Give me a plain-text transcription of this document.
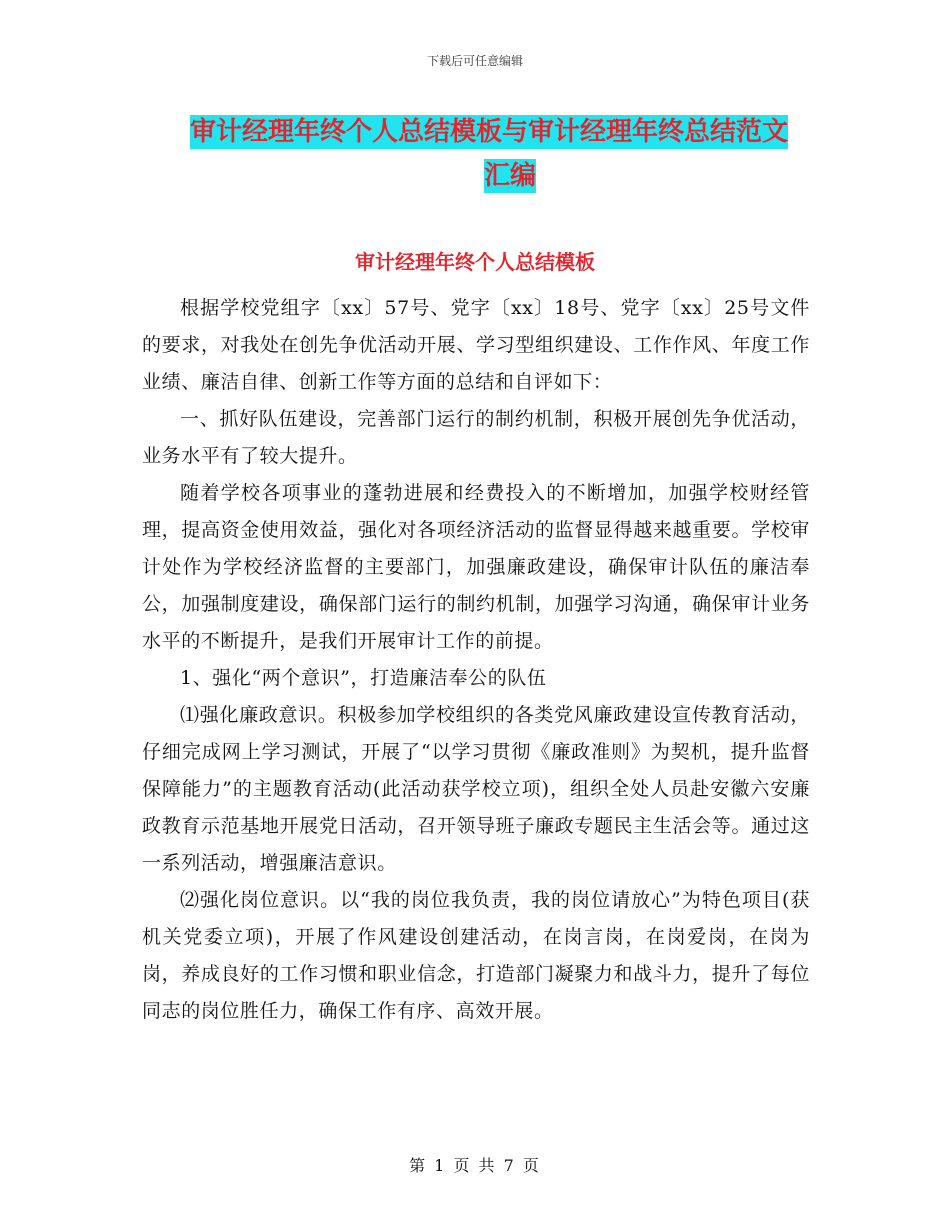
下载后可任意编辑
审计经理年终个人总结模板与审计经理年终总结范文
汇编
审计经理年终个人总结模板

根据学校党组字〔xx〕57号、党字〔xx〕18号、党字〔xx〕25号文件的要求，对我处在创先争优活动开展、学习型组织建设、工作作风、年度工作业绩、廉洁自律、创新工作等方面的总结和自评如下：

一、抓好队伍建设，完善部门运行的制约机制，积极开展创先争优活动，业务水平有了较大提升。

随着学校各项事业的蓬勃进展和经费投入的不断增加，加强学校财经管理，提高资金使用效益，强化对各项经济活动的监督显得越来越重要。学校审计处作为学校经济监督的主要部门，加强廉政建设，确保审计队伍的廉洁奉公，加强制度建设，确保部门运行的制约机制，加强学习沟通，确保审计业务水平的不断提升，是我们开展审计工作的前提。

1、强化“两个意识”，打造廉洁奉公的队伍

⑴强化廉政意识。积极参加学校组织的各类党风廉政建设宣传教育活动，仔细完成网上学习测试，开展了“以学习贯彻《廉政准则》为契机，提升监督保障能力”的主题教育活动(此活动获学校立项)，组织全处人员赴安徽六安廉政教育示范基地开展党日活动，召开领导班子廉政专题民主生活会等。通过这一系列活动，增强廉洁意识。

⑵强化岗位意识。以“我的岗位我负责，我的岗位请放心”为特色项目(获机关党委立项)，开展了作风建设创建活动，在岗言岗，在岗爱岗，在岗为岗，养成良好的工作习惯和职业信念，打造部门凝聚力和战斗力，提升了每位同志的岗位胜任力，确保工作有序、高效开展。

第 1 页 共 7 页
